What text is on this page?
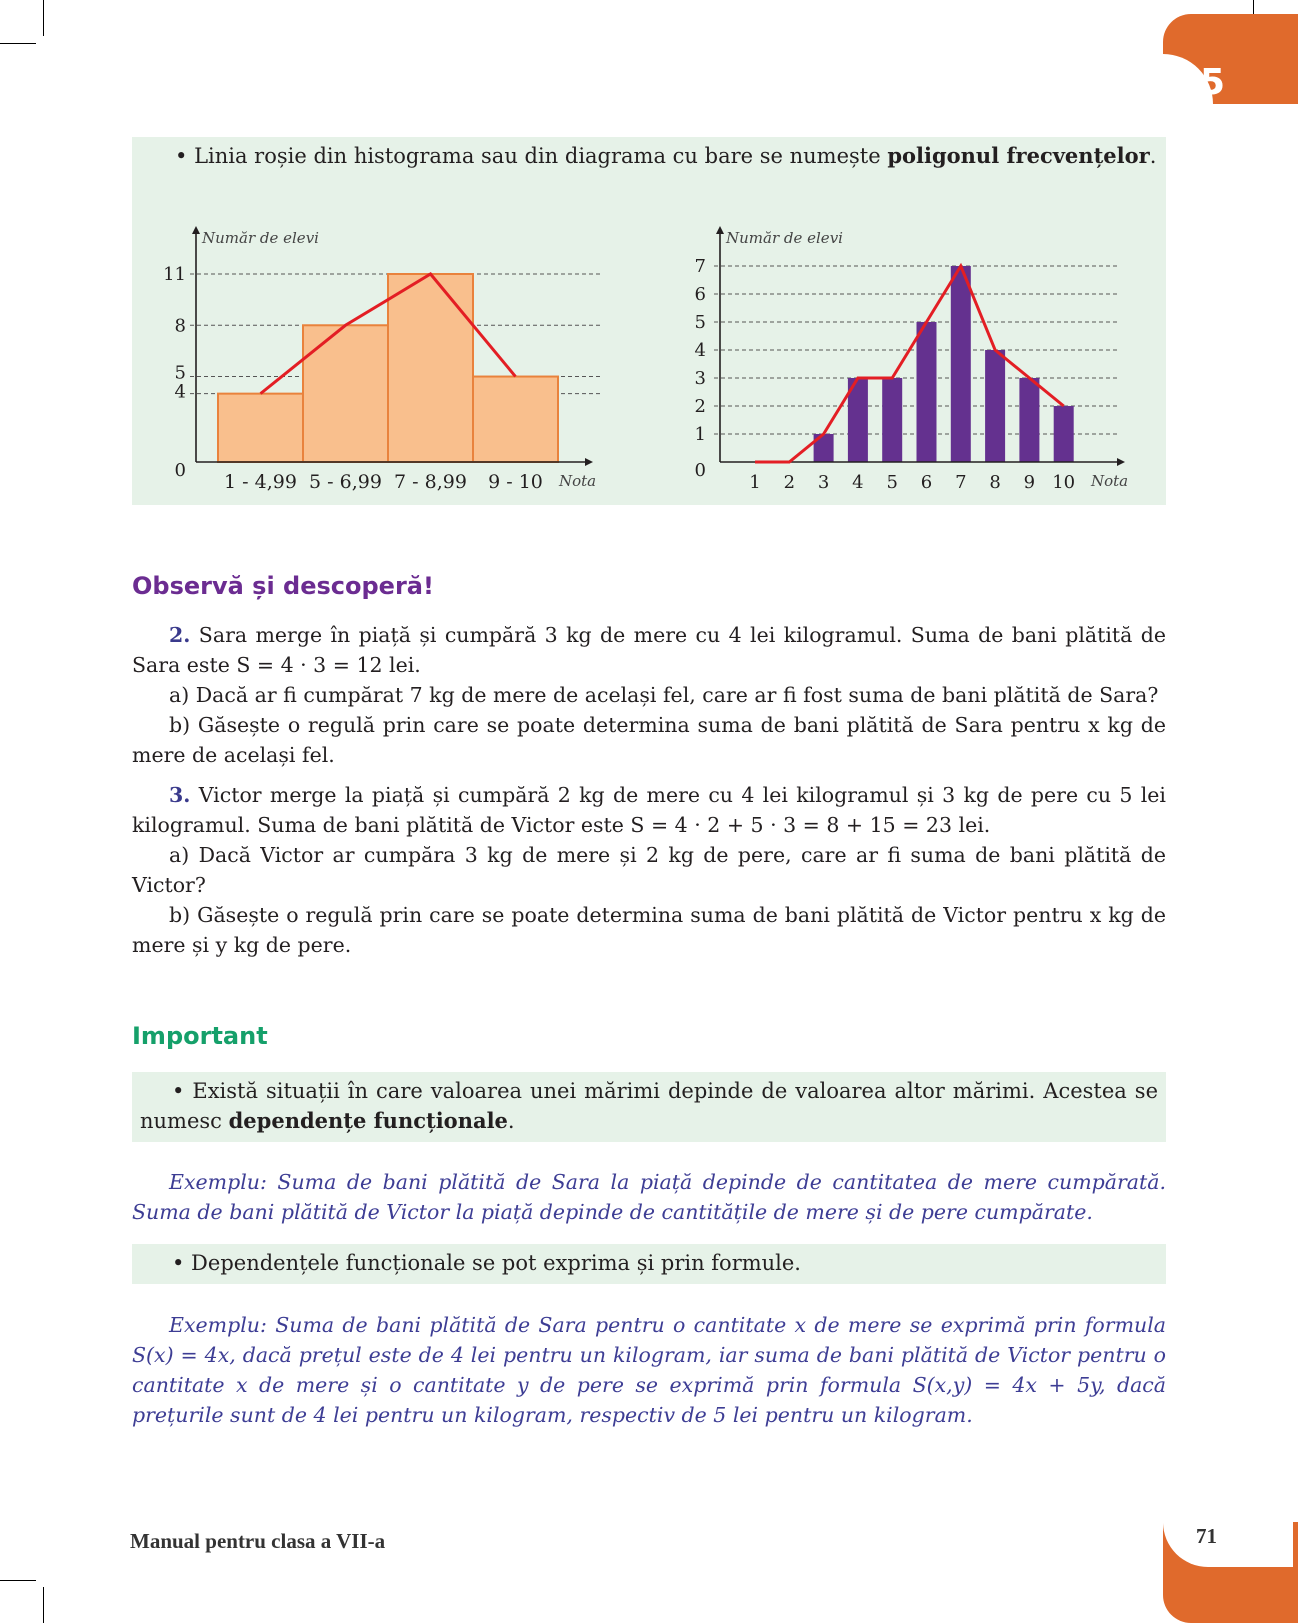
5
• Linia roșie din histograma sau din diagrama cu bare se numește poligonul frecvențelor.
1 - 4,99 5 - 6,99 7 - 8,99 9 - 10
0
4
5
8
11
Număr de elevi
Nota	1 2 3 4 5 6 7 8 9 10
0
1
2
3
4
5
6
7
Număr de elevi
Nota
Observă și descoperă!

2. Sara merge în piață și cumpără 3 kg de mere cu 4 lei kilogramul. Suma de bani plătită de Sara este S = 4 · 3 = 12 lei.

a) Dacă ar fi cumpărat 7 kg de mere de același fel, care ar fi fost suma de bani plătită de Sara?

b) Găsește o regulă prin care se poate determina suma de bani plătită de Sara pentru x kg de mere de același fel.

3. Victor merge la piață și cumpără 2 kg de mere cu 4 lei kilogramul și 3 kg de pere cu 5 lei kilogramul. Suma de bani plătită de Victor este S = 4 · 2 + 5 · 3 = 8 + 15 = 23 lei.

a) Dacă Victor ar cumpăra 3 kg de mere și 2 kg de pere, care ar fi suma de bani plătită de Victor?

b) Găsește o regulă prin care se poate determina suma de bani plătită de Victor pentru x kg de mere și y kg de pere.

Important
• Există situații în care valoarea unei mărimi depinde de valoarea altor mărimi. Acestea se numesc dependențe funcționale.
Exemplu: Suma de bani plătită de Sara la piață depinde de cantitatea de mere cumpărată. Suma de bani plătită de Victor la piață depinde de cantitățile de mere și de pere cumpărate.
• Dependențele funcționale se pot exprima și prin formule.
Exemplu: Suma de bani plătită de Sara pentru o cantitate x de mere se exprimă prin formula S(x) = 4x, dacă prețul este de 4 lei pentru un kilogram, iar suma de bani plătită de Victor pentru o cantitate x de mere și o cantitate y de pere se exprimă prin formula S(x,y) = 4x + 5y, dacă prețurile sunt de 4 lei pentru un kilogram, respectiv de 5 lei pentru un kilogram.
Manual pentru clasa a VII-a	71
